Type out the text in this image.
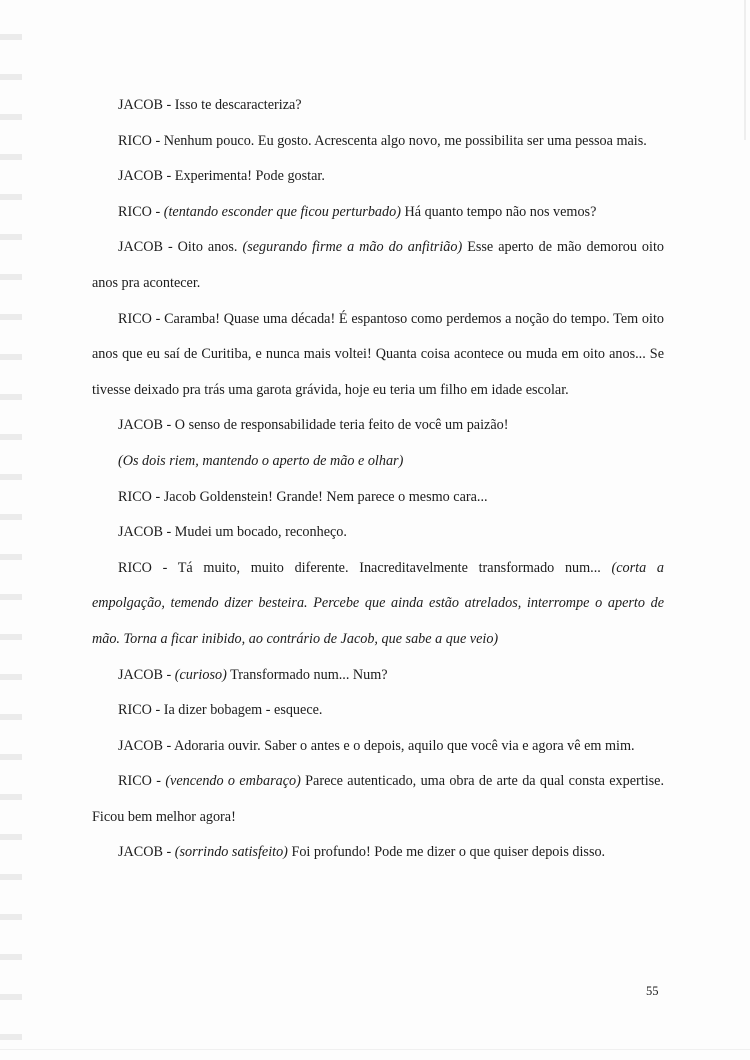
JACOB - Isso te descaracteriza?

RICO - Nenhum pouco. Eu gosto. Acrescenta algo novo, me possibilita ser uma pessoa mais.

JACOB - Experimenta! Pode gostar.

RICO - (tentando esconder que ficou perturbado) Há quanto tempo não nos vemos?

JACOB - Oito anos. (segurando firme a mão do anfitrião) Esse aperto de mão demorou oito anos pra acontecer.

RICO - Caramba! Quase uma década! É espantoso como perdemos a noção do tempo. Tem oito anos que eu saí de Curitiba, e nunca mais voltei! Quanta coisa acontece ou muda em oito anos... Se tivesse deixado pra trás uma garota grávida, hoje eu teria um filho em idade escolar.

JACOB - O senso de responsabilidade teria feito de você um paizão!

(Os dois riem, mantendo o aperto de mão e olhar)

RICO - Jacob Goldenstein! Grande! Nem parece o mesmo cara...

JACOB - Mudei um bocado, reconheço.

RICO - Tá muito, muito diferente. Inacreditavelmente transformado num... (corta a empolgação, temendo dizer besteira. Percebe que ainda estão atrelados, interrompe o aperto de mão. Torna a ficar inibido, ao contrário de Jacob, que sabe a que veio)

JACOB - (curioso) Transformado num... Num?

RICO - Ia dizer bobagem - esquece.

JACOB - Adoraria ouvir. Saber o antes e o depois, aquilo que você via e agora vê em mim.

RICO - (vencendo o embaraço) Parece autenticado, uma obra de arte da qual consta expertise. Ficou bem melhor agora!

JACOB - (sorrindo satisfeito) Foi profundo! Pode me dizer o que quiser depois disso.

55
